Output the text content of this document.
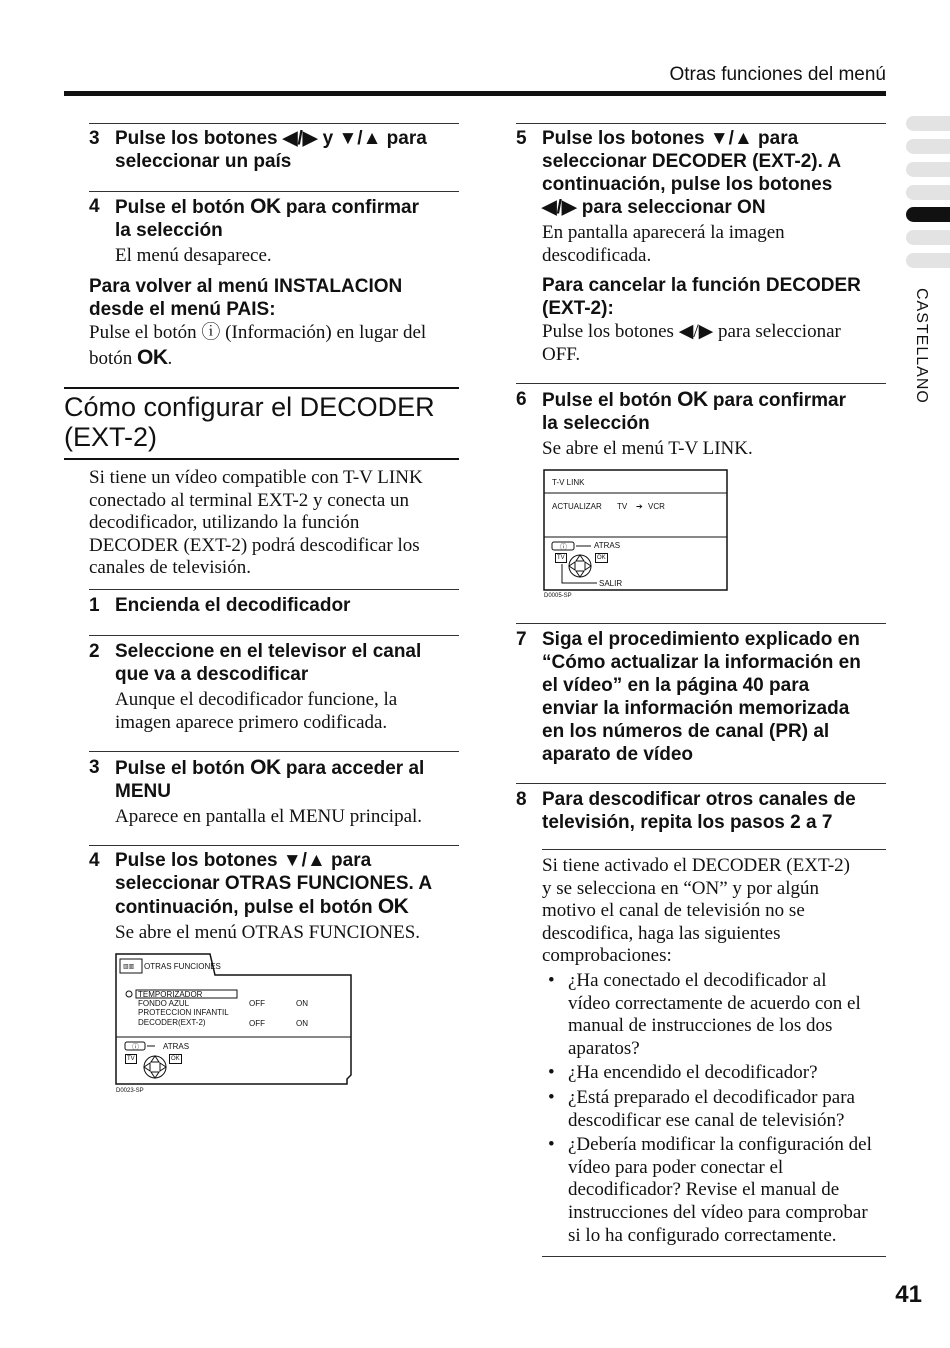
Otras funciones del menú
CASTELLANO
3 Pulse los botones ◀/▶ y ▼/▲ para
seleccionar un país
4 Pulse el botón OK para confirmar
la selección
El menú desaparece.
Para volver al menú INSTALACION
desde el menú PAIS:
Pulse el botón ⓘ (Información) en lugar del
botón OK.
Cómo configurar el DECODER
(EXT-2)
Si tiene un vídeo compatible con T-V LINK
conectado al terminal EXT-2 y conecta un
decodificador, utilizando la función
DECODER (EXT-2) podrá descodificar los
canales de televisión.
1 Encienda el decodificador
2 Seleccione en el televisor el canal
que va a descodificar
Aunque el decodificador funcione, la
imagen aparece primero codificada.
3 Pulse el botón OK para acceder al
MENU
Aparece en pantalla el MENU principal.
4 Pulse los botones ▼/▲ para
seleccionar OTRAS FUNCIONES. A
continuación, pulse el botón OK
Se abre el menú OTRAS FUNCIONES.
▥▥ OTRAS FUNCIONES
TEMPORIZADOR
FONDO AZUL
PROTECCION INFANTIL
DECODER(EXT-2)
OFF	ON
OFF	ON
ⓘ	ATRAS
TV	OK
D0023-SP
5 Pulse los botones ▼/▲ para
seleccionar DECODER (EXT-2). A
continuación, pulse los botones
◀/▶ para seleccionar ON
En pantalla aparecerá la imagen
descodificada.
Para cancelar la función DECODER
(EXT-2):
Pulse los botones ◀/▶ para seleccionar
OFF.
6 Pulse el botón OK para confirmar
la selección
Se abre el menú T-V LINK.
ⓘ
T-V LINK
ACTUALIZAR TV ➔ VCR
ATRAS
TV	OK
SALIR
D0005-SP
7 Siga el procedimiento explicado en
“Cómo actualizar la información en
el vídeo” en la página 40 para
enviar la información memorizada
en los números de canal (PR) al
aparato de vídeo
8 Para descodificar otros canales de
televisión, repita los pasos 2 a 7
Si tiene activado el DECODER (EXT-2)
y se selecciona en “ON” y por algún
motivo el canal de televisión no se
descodifica, haga las siguientes
comprobaciones:
• ¿Ha conectado el decodificador al
vídeo correctamente de acuerdo con el
manual de instrucciones de los dos
aparatos?
• ¿Ha encendido el decodificador?
• ¿Está preparado el decodificador para
descodificar ese canal de televisión?
• ¿Debería modificar la configuración del
vídeo para poder conectar el
decodificador? Revise el manual de
instrucciones del vídeo para comprobar
si lo ha configurado correctamente.
41
